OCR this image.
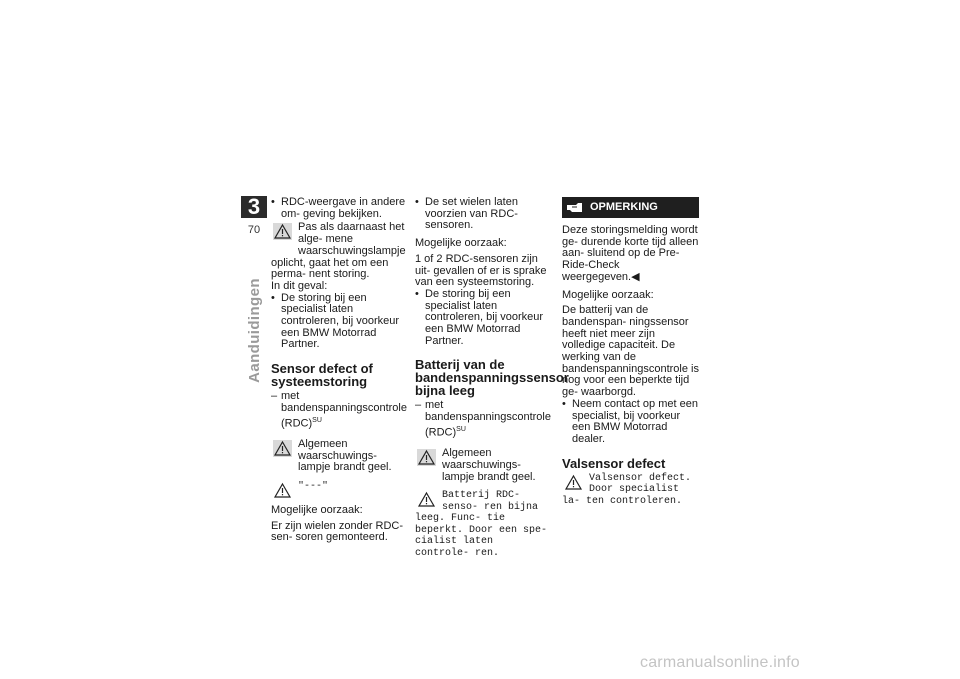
3
70
Aanduidingen

• RDC-weergave in andere om- geving bekijken.

Pas als daarnaast het alge- mene waarschuwingslampje

oplicht, gaat het om een perma- nent storing.

In dit geval:

• De storing bij een specialist laten controleren, bij voorkeur een BMW Motorrad Partner.

Sensor defect of systeemstoring

– met bandenspanningscontrole (RDC)$^{SU}$

Algemeen waarschuwings- lampje brandt geel.
"---"

Mogelijke oorzaak:

Er zijn wielen zonder RDC-sen- soren gemonteerd.

• De set wielen laten voorzien van RDC-sensoren.

Mogelijke oorzaak:

1 of 2 RDC-sensoren zijn uit- gevallen of er is sprake van een systeemstoring.

• De storing bij een specialist laten controleren, bij voorkeur een BMW Motorrad Partner.

Batterij van de bandenspanningssensor bijna leeg

– met bandenspanningscontrole (RDC)$^{SU}$

Algemeen waarschuwings- lampje brandt geel.
Batterij RDC- senso- ren bijna leeg. Func- tie beperkt. Door een spe- cialist laten controle- ren.
OPMERKING

Deze storingsmelding wordt ge- durende korte tijd alleen aan- sluitend op de Pre-Ride-Check weergegeven.◀

Mogelijke oorzaak:

De batterij van de bandenspan- ningssensor heeft niet meer zijn volledige capaciteit. De werking van de bandenspanningscontrole is nog voor een beperkte tijd ge- waarborgd.

• Neem contact op met een specialist, bij voorkeur een BMW Motorrad dealer.

Valsensor defect
Valsensor defect. Door specialist la- ten controleren.
carmanualsonline.info
